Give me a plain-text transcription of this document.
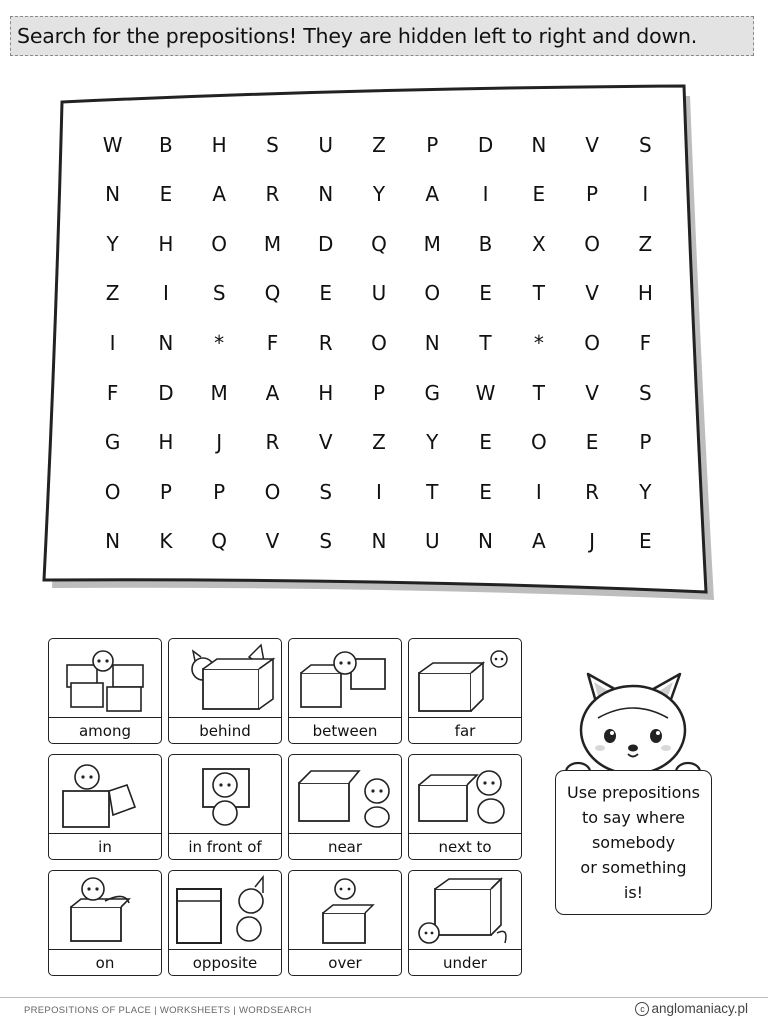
Search for the prepositions! They are hidden left to right and down.
W	B	H	S	U	Z	P	D	N	V	S
N	E	A	R	N	Y	A	I	E	P	I
Y	H	O	M	D	Q	M	B	X	O	Z
Z	I	S	Q	E	U	O	E	T	V	H
I	N	*	F	R	O	N	T	*	O	F
F	D	M	A	H	P	G	W	T	V	S
G	H	J	R	V	Z	Y	E	O	E	P
O	P	P	O	S	I	T	E	I	R	Y
N	K	Q	V	S	N	U	N	A	J	E
among	behind	between	far
in	in front of	near	next to
on	opposite	over	under
Use prepositions
to say where
somebody
or something
is!
PREPOSITIONS OF PLACE | WORKSHEETS | WORDSEARCH	c anglomaniacy.pl
